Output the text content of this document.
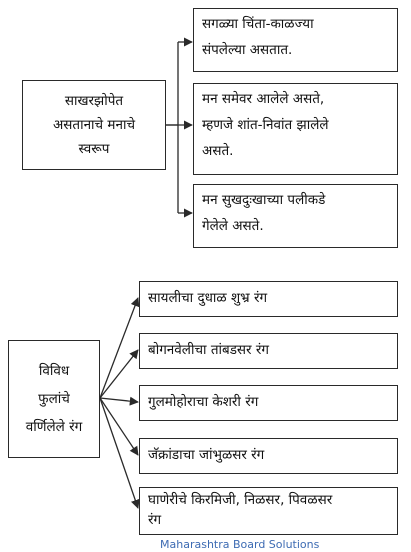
साखरझोपेत
असतानाचे मनाचे
स्वरूप
सगळ्या चिंता-काळज्या
संपलेल्या असतात.
मन समेवर आलेले असते,
म्हणजे शांत-निवांत झालेले
असते.
मन सुखदुःखाच्या पलीकडे
गेलेले असते.
विविध
फुलांचे
वर्णिलेले रंग
सायलीचा दुधाळ शुभ्र रंग
बोगनवेलीचा तांबडसर रंग
गुलमोहोराचा केशरी रंग
जॅक्रांडाचा जांभुळसर रंग
घाणेरीचे किरमिजी, निळसर, पिवळसर
रंग
Maharashtra Board Solutions
